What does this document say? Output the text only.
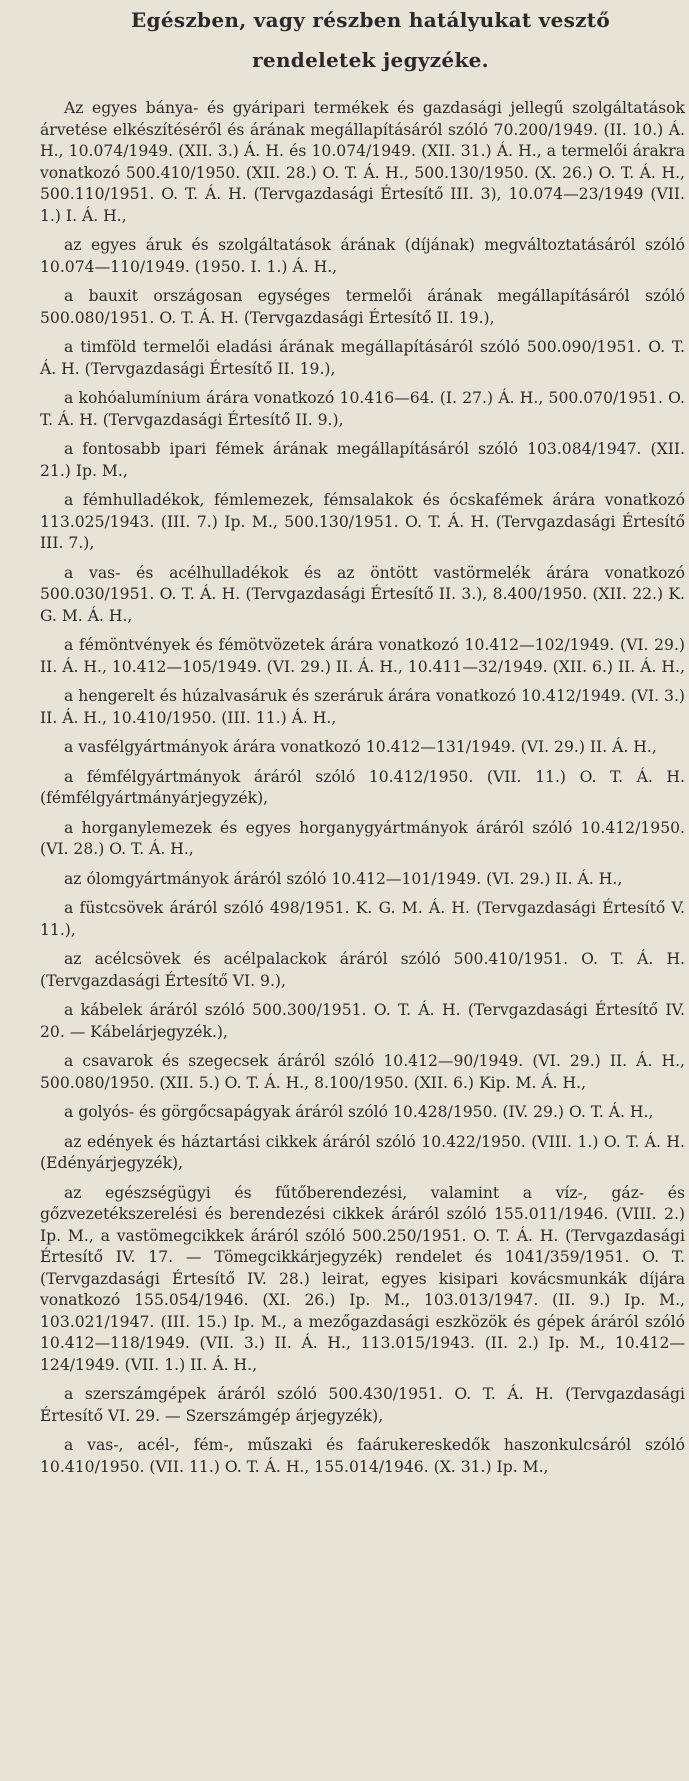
Egészben, vagy részben hatályukat vesztő
rendeletek jegyzéke.

Az egyes bánya- és gyáripari termékek és gazdasági jellegű szolgáltatások árvetése elkészítéséről és árának megállapításáról szóló 70.200/1949. (II. 10.) Á. H., 10.074/1949. (XII. 3.) Á. H. és 10.074/1949. (XII. 31.) Á. H., a termelői árakra vonatkozó 500.410/1950. (XII. 28.) O. T. Á. H., 500.130/1950. (X. 26.) O. T. Á. H., 500.110/1951. O. T. Á. H. (Tervgazdasági Értesítő III. 3), 10.074—23/1949 (VII. 1.) I. Á. H.,

az egyes áruk és szolgáltatások árának (díjának) megváltoztatásáról szóló 10.074—110/1949. (1950. I. 1.) Á. H.,

a bauxit országosan egységes termelői árának megállapításáról szóló 500.080/1951. O. T. Á. H. (Tervgazdasági Értesítő II. 19.),

a timföld termelői eladási árának megállapításáról szóló 500.090/1951. O. T. Á. H. (Tervgazdasági Értesítő II. 19.),

a kohóalumínium árára vonatkozó 10.416—64. (I. 27.) Á. H., 500.070/1951. O. T. Á. H. (Tervgazdasági Értesítő II. 9.),

a fontosabb ipari fémek árának megállapításáról szóló 103.084/1947. (XII. 21.) Ip. M.,

a fémhulladékok, fémlemezek, fémsalakok és ócskafémek árára vonatkozó 113.025/1943. (III. 7.) Ip. M., 500.130/1951. O. T. Á. H. (Tervgazdasági Értesítő III. 7.),

a vas- és acélhulladékok és az öntött vastörmelék árára vonatkozó 500.030/1951. O. T. Á. H. (Tervgazdasági Értesítő II. 3.), 8.400/1950. (XII. 22.) K. G. M. Á. H.,

a fémöntvények és fémötvözetek árára vonatkozó 10.412—102/1949. (VI. 29.) II. Á. H., 10.412—105/1949. (VI. 29.) II. Á. H., 10.411—32/1949. (XII. 6.) II. Á. H.,

a hengerelt és húzalvasáruk és szeráruk árára vonatkozó 10.412/1949. (VI. 3.) II. Á. H., 10.410/1950. (III. 11.) Á. H.,

a vasfélgyártmányok árára vonatkozó 10.412—131/1949. (VI. 29.) II. Á. H.,

a fémfélgyártmányok áráról szóló 10.412/1950. (VII. 11.) O. T. Á. H. (fémfélgyártmányárjegyzék),

a horganylemezek és egyes horganygyártmányok áráról szóló 10.412/1950. (VI. 28.) O. T. Á. H.,

az ólomgyártmányok áráról szóló 10.412—101/1949. (VI. 29.) II. Á. H.,

a füstcsövek áráról szóló 498/1951. K. G. M. Á. H. (Tervgazdasági Értesítő V. 11.),

az acélcsövek és acélpalackok áráról szóló 500.410/1951. O. T. Á. H. (Tervgazdasági Értesítő VI. 9.),

a kábelek áráról szóló 500.300/1951. O. T. Á. H. (Tervgazdasági Értesítő IV. 20. — Kábelárjegyzék.),

a csavarok és szegecsek áráról szóló 10.412—90/1949. (VI. 29.) II. Á. H., 500.080/1950. (XII. 5.) O. T. Á. H., 8.100/1950. (XII. 6.) Kip. M. Á. H.,

a golyós- és görgőcsapágyak áráról szóló 10.428/1950. (IV. 29.) O. T. Á. H.,

az edények és háztartási cikkek áráról szóló 10.422/1950. (VIII. 1.) O. T. Á. H. (Edényárjegyzék),

az egészségügyi és fűtőberendezési, valamint a víz-, gáz- és gőzvezetékszerelési és berendezési cikkek áráról szóló 155.011/1946. (VIII. 2.) Ip. M., a vastömegcikkek áráról szóló 500.250/1951. O. T. Á. H. (Tervgazdasági Értesítő IV. 17. — Tömegcikkárjegyzék) rendelet és 1041/359/1951. O. T. (Tervgazdasági Értesítő IV. 28.) leirat, egyes kisipari kovácsmunkák díjára vonatkozó 155.054/1946. (XI. 26.) Ip. M., 103.013/1947. (II. 9.) Ip. M., 103.021/1947. (III. 15.) Ip. M., a mezőgazdasági eszközök és gépek áráról szóló 10.412—118/1949. (VII. 3.) II. Á. H., 113.015/1943. (II. 2.) Ip. M., 10.412—124/1949. (VII. 1.) II. Á. H.,

a szerszámgépek áráról szóló 500.430/1951. O. T. Á. H. (Tervgazdasági Értesítő VI. 29. — Szerszámgép árjegyzék),

a vas-, acél-, fém-, műszaki és faárukereskedők haszonkulcsáról szóló 10.410/1950. (VII. 11.) O. T. Á. H., 155.014/1946. (X. 31.) Ip. M.,
